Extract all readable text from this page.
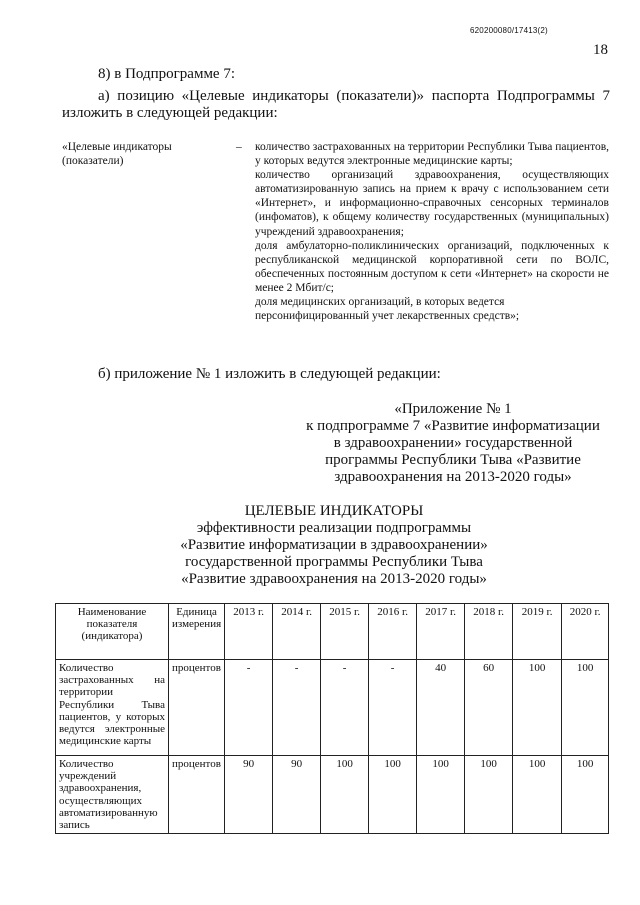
620200080/17413(2)
18
8) в Подпрограмме 7:
а) позицию «Целевые индикаторы (показатели)» паспорта Подпрограммы 7
изложить в следующей редакции:
«Целевые индикаторы (показатели)
– количество застрахованных на территории Республики Тыва пациентов, у которых ведутся электронные медицинские карты;
количество организаций здравоохранения, осуществляющих автоматизированную запись на прием к врачу с использованием сети «Интернет», и информационно-справочных сенсорных терминалов (инфоматов), к общему количеству государственных (муниципальных) учреждений здравоохранения;
доля амбулаторно-поликлинических организаций, подключенных к республиканской медицинской корпоративной сети по ВОЛС, обеспеченных постоянным доступом к сети «Интернет» на скорости не менее 2 Мбит/с;
доля медицинских организаций, в которых ведется персонифицированный учет лекарственных средств»;
б) приложение № 1 изложить в следующей редакции:
«Приложение № 1
к подпрограмме 7 «Развитие информатизации
в здравоохранении» государственной
программы Республики Тыва «Развитие
здравоохранения на 2013-2020 годы»
ЦЕЛЕВЫЕ ИНДИКАТОРЫ
эффективности реализации подпрограммы
«Развитие информатизации в здравоохранении»
государственной программы Республики Тыва
«Развитие здравоохранения на 2013-2020 годы»
Наименование показателя (индикатора)	Единица измерения	2013 г.	2014 г.	2015 г.	2016 г.	2017 г.	2018 г.	2019 г.	2020 г.
Количество застрахованных на территории Республики Тыва пациентов, у которых ведутся электронные медицинские карты	процентов	-	-	-	-	40	60	100	100
Количество учреждений здравоохранения, осуществляющих автоматизированную запись	процентов	90	90	100	100	100	100	100	100
